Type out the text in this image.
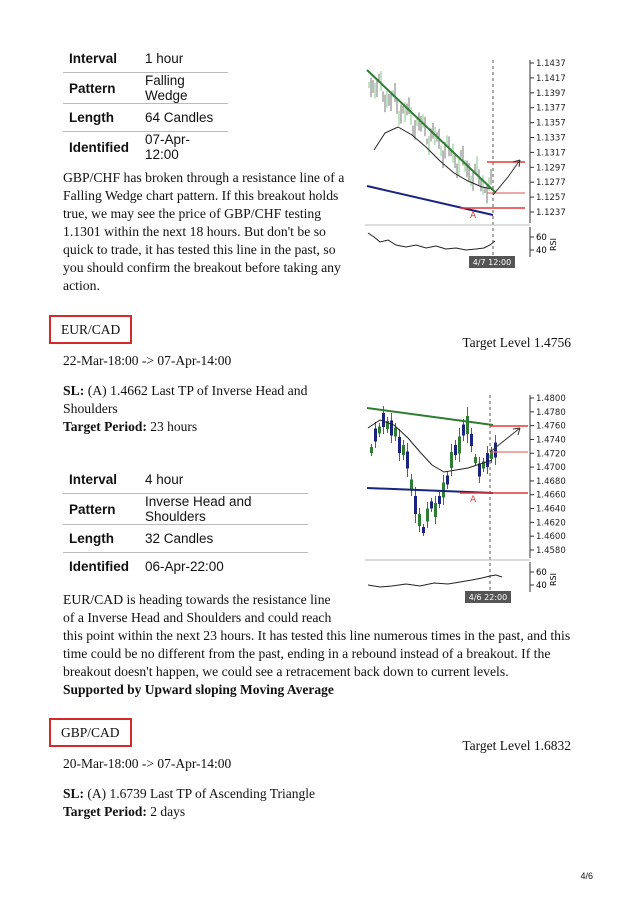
Interval	1 hour
Pattern	Falling Wedge
Length	64 Candles
Identified	07-Apr-12:00
GBP/CHF has broken through a resistance line of a Falling Wedge chart pattern. If this breakout holds true, we may see the price of GBP/CHF testing 1.1301 within the next 18 hours. But don't be so quick to trade, it has tested this line in the past, so you should confirm the breakout before taking any action.
1.1437
1.1417
1.1397
1.1377
1.1357
1.1337
1.1317
1.1297
1.1277
1.1257
1.1237
A
60
40 RSI
4/7 12:00
EUR/CAD
Target Level 1.4756
22-Mar-18:00 -> 07-Apr-14:00
SL: (A) 1.4662 Last TP of Inverse Head and Shoulders
Target Period: 23 hours
Interval	4 hour
Pattern	Inverse Head and Shoulders
Length	32 Candles
Identified	06-Apr-22:00
EUR/CAD is heading towards the resistance line
of a Inverse Head and Shoulders and could reach
this point within the next 23 hours. It has tested this line numerous times in the past, and this time could be no different from the past, ending in a rebound instead of a breakout. If the breakout doesn't happen, we could see a retracement back down to current levels.
Supported by Upward sloping Moving Average
1.4800
1.4780
1.4760
1.4740
1.4720
1.4700
1.4680
1.4660
1.4640
1.4620
1.4600
1.4580
A
60
40 RSI
4/6 22:00
GBP/CAD
Target Level 1.6832
20-Mar-18:00 -> 07-Apr-14:00
SL: (A) 1.6739 Last TP of Ascending Triangle
Target Period: 2 days
4/6
